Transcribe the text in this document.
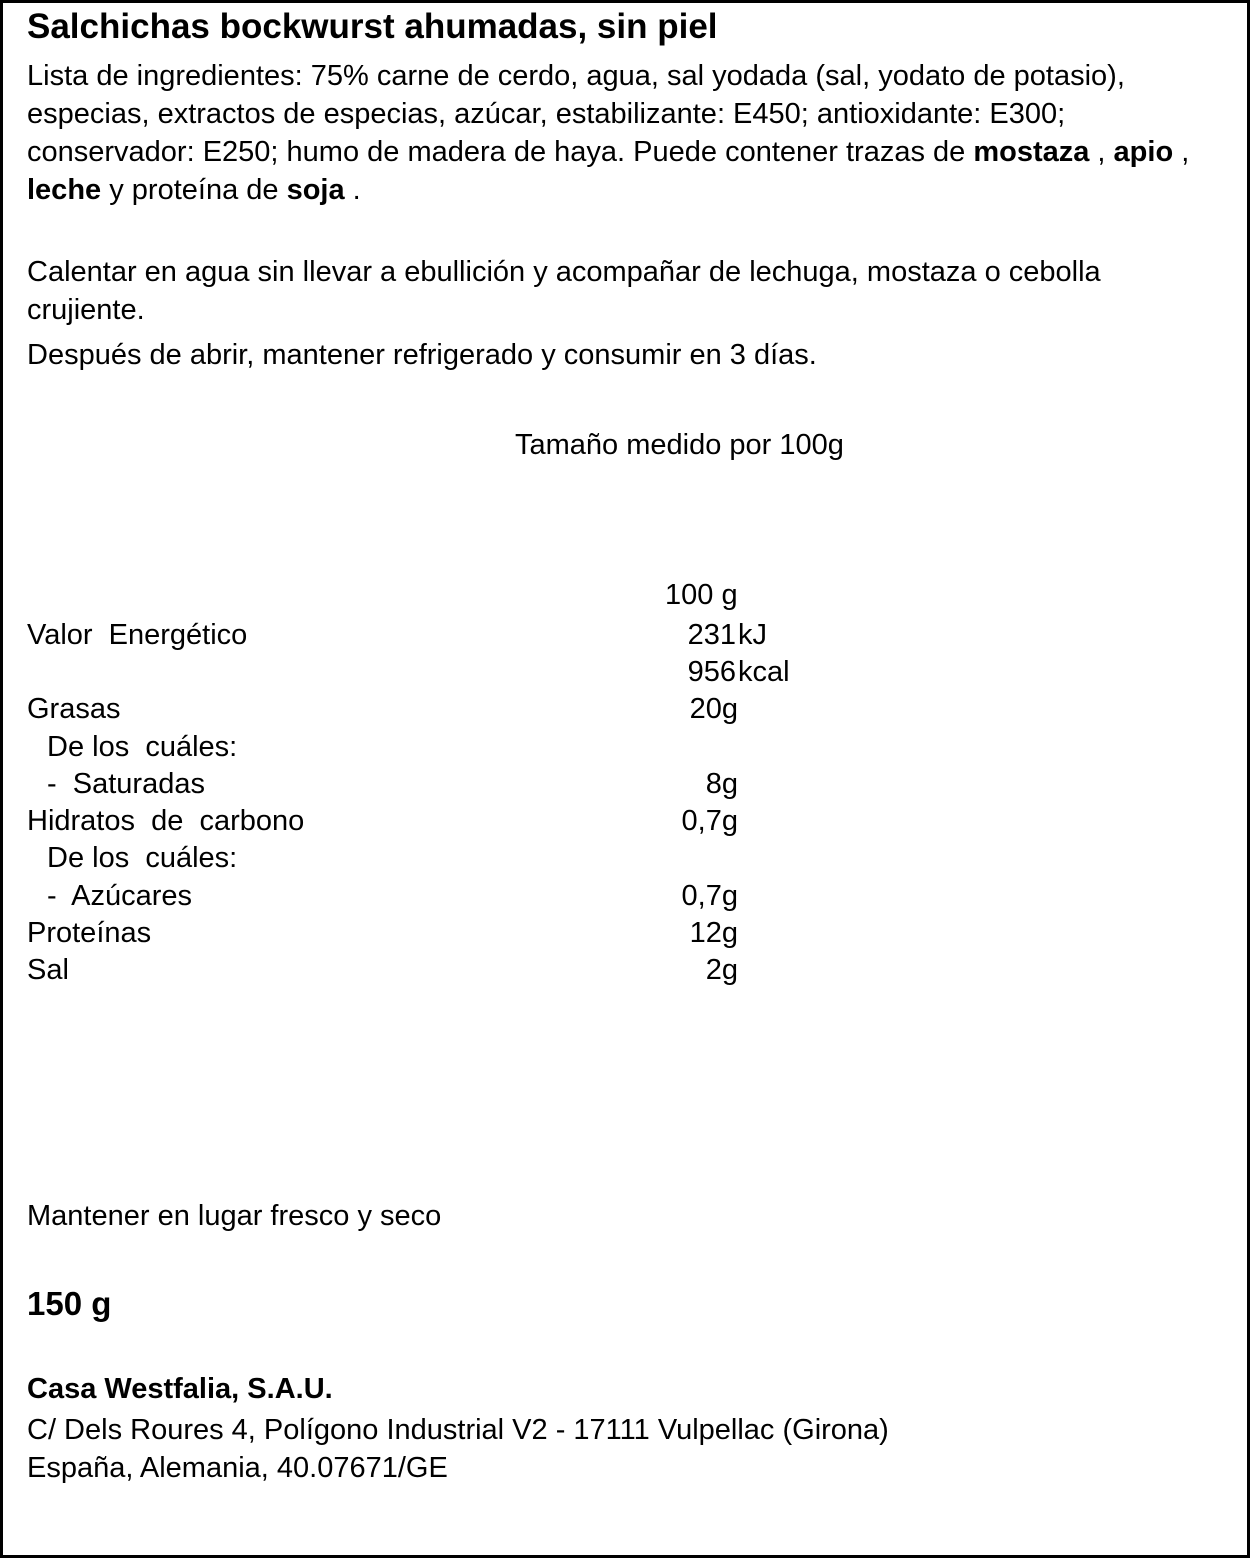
Salchichas bockwurst ahumadas, sin piel
Lista de ingredientes: 75% carne de cerdo, agua, sal yodada (sal, yodato de potasio), especias, extractos de especias, azúcar, estabilizante: E450; antioxidante: E300; conservador: E250; humo de madera de haya. Puede contener trazas de mostaza , apio , leche y proteína de soja .
Calentar en agua sin llevar a ebullición y acompañar de lechuga, mostaza o cebolla crujiente.
Después de abrir, mantener refrigerado y consumir en 3 días.
Tamaño medido por 100g
100 g
Valor  Energético	231 kJ
956 kcal
Grasas	20g
De los  cuáles:
-  Saturadas	8g
Hidratos  de  carbono	0,7g
De los  cuáles:
-  Azúcares	0,7g
Proteínas	12g
Sal	2g
Mantener en lugar fresco y seco
150 g
Casa Westfalia, S.A.U.
C/ Dels Roures 4, Polígono Industrial V2 - 17111 Vulpellac (Girona)
España, Alemania, 40.07671/GE
